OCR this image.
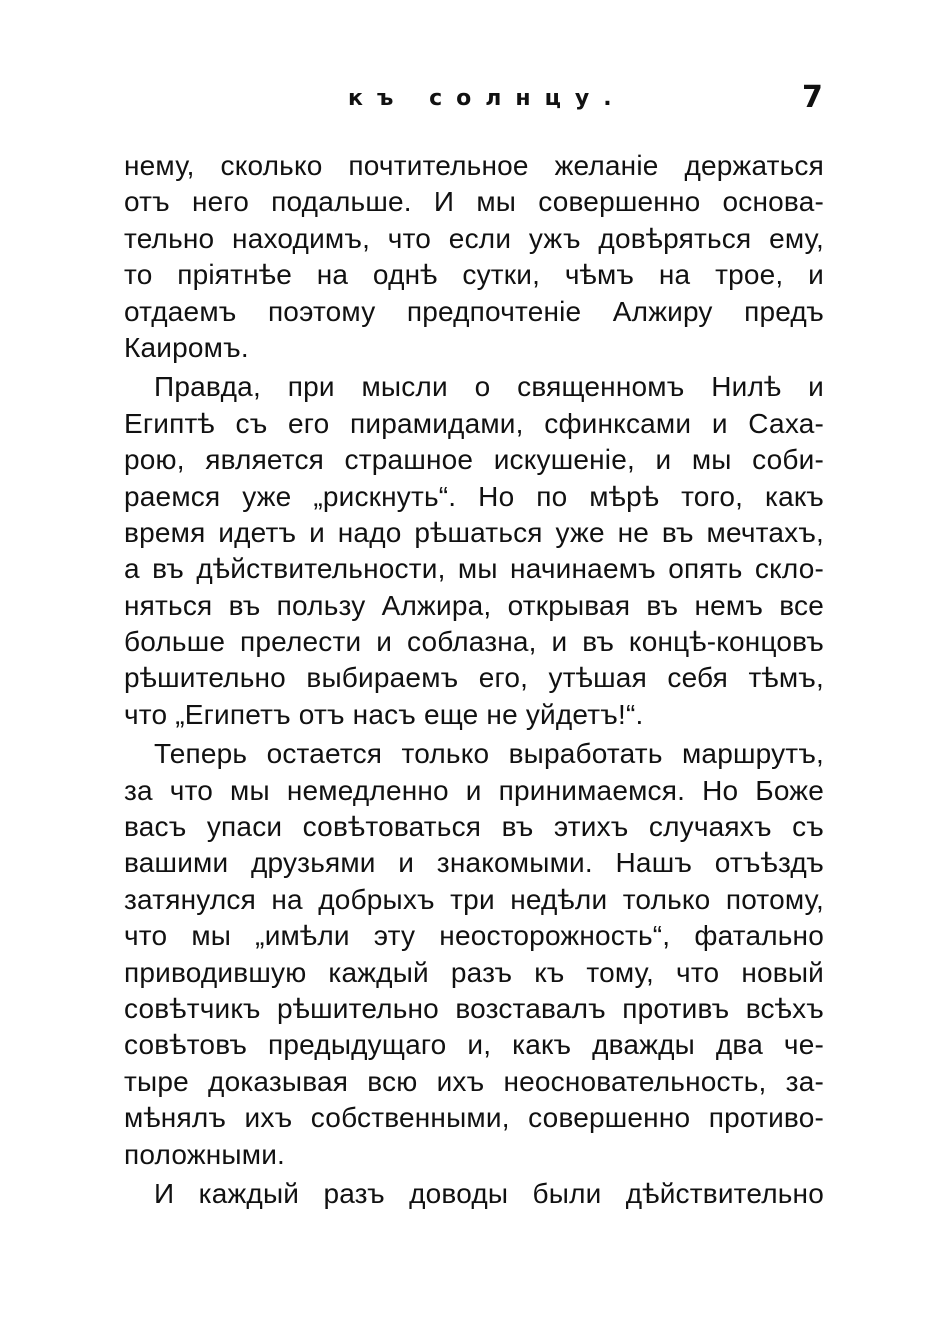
къ солнцу.	7
нему, сколько почтительное желаніе держаться
отъ него подальше. И мы совершенно основа-
тельно находимъ, что если ужъ довѣряться ему,
то пріятнѣе на однѣ сутки, чѣмъ на трое, и
отдаемъ поэтому предпочтеніе Алжиру предъ
Каиромъ.
Правда, при мысли о священномъ Нилѣ и
Египтѣ съ его пирамидами, сфинксами и Саха-
рою, является страшное искушеніе, и мы соби-
раемся уже „рискнуть“. Но по мѣрѣ того, какъ
время идетъ и надо рѣшаться уже не въ мечтахъ,
а въ дѣйствительности, мы начинаемъ опять скло-
няться въ пользу Алжира, открывая въ немъ все
больше прелести и соблазна, и въ концѣ-концовъ
рѣшительно выбираемъ его, утѣшая себя тѣмъ,
что „Египетъ отъ насъ еще не уйдетъ!“.
Теперь остается только выработать маршрутъ,
за что мы немедленно и принимаемся. Но Боже
васъ упаси совѣтоваться въ этихъ случаяхъ съ
вашими друзьями и знакомыми. Нашъ отъѣздъ
затянулся на добрыхъ три недѣли только потому,
что мы „имѣли эту неосторожность“, фатально
приводившую каждый разъ къ тому, что новый
совѣтчикъ рѣшительно возставалъ противъ всѣхъ
совѣтовъ предыдущаго и, какъ дважды два че-
тыре доказывая всю ихъ неосновательность, за-
мѣнялъ ихъ собственными, совершенно противо-
положными.
И каждый разъ доводы были дѣйствительно
